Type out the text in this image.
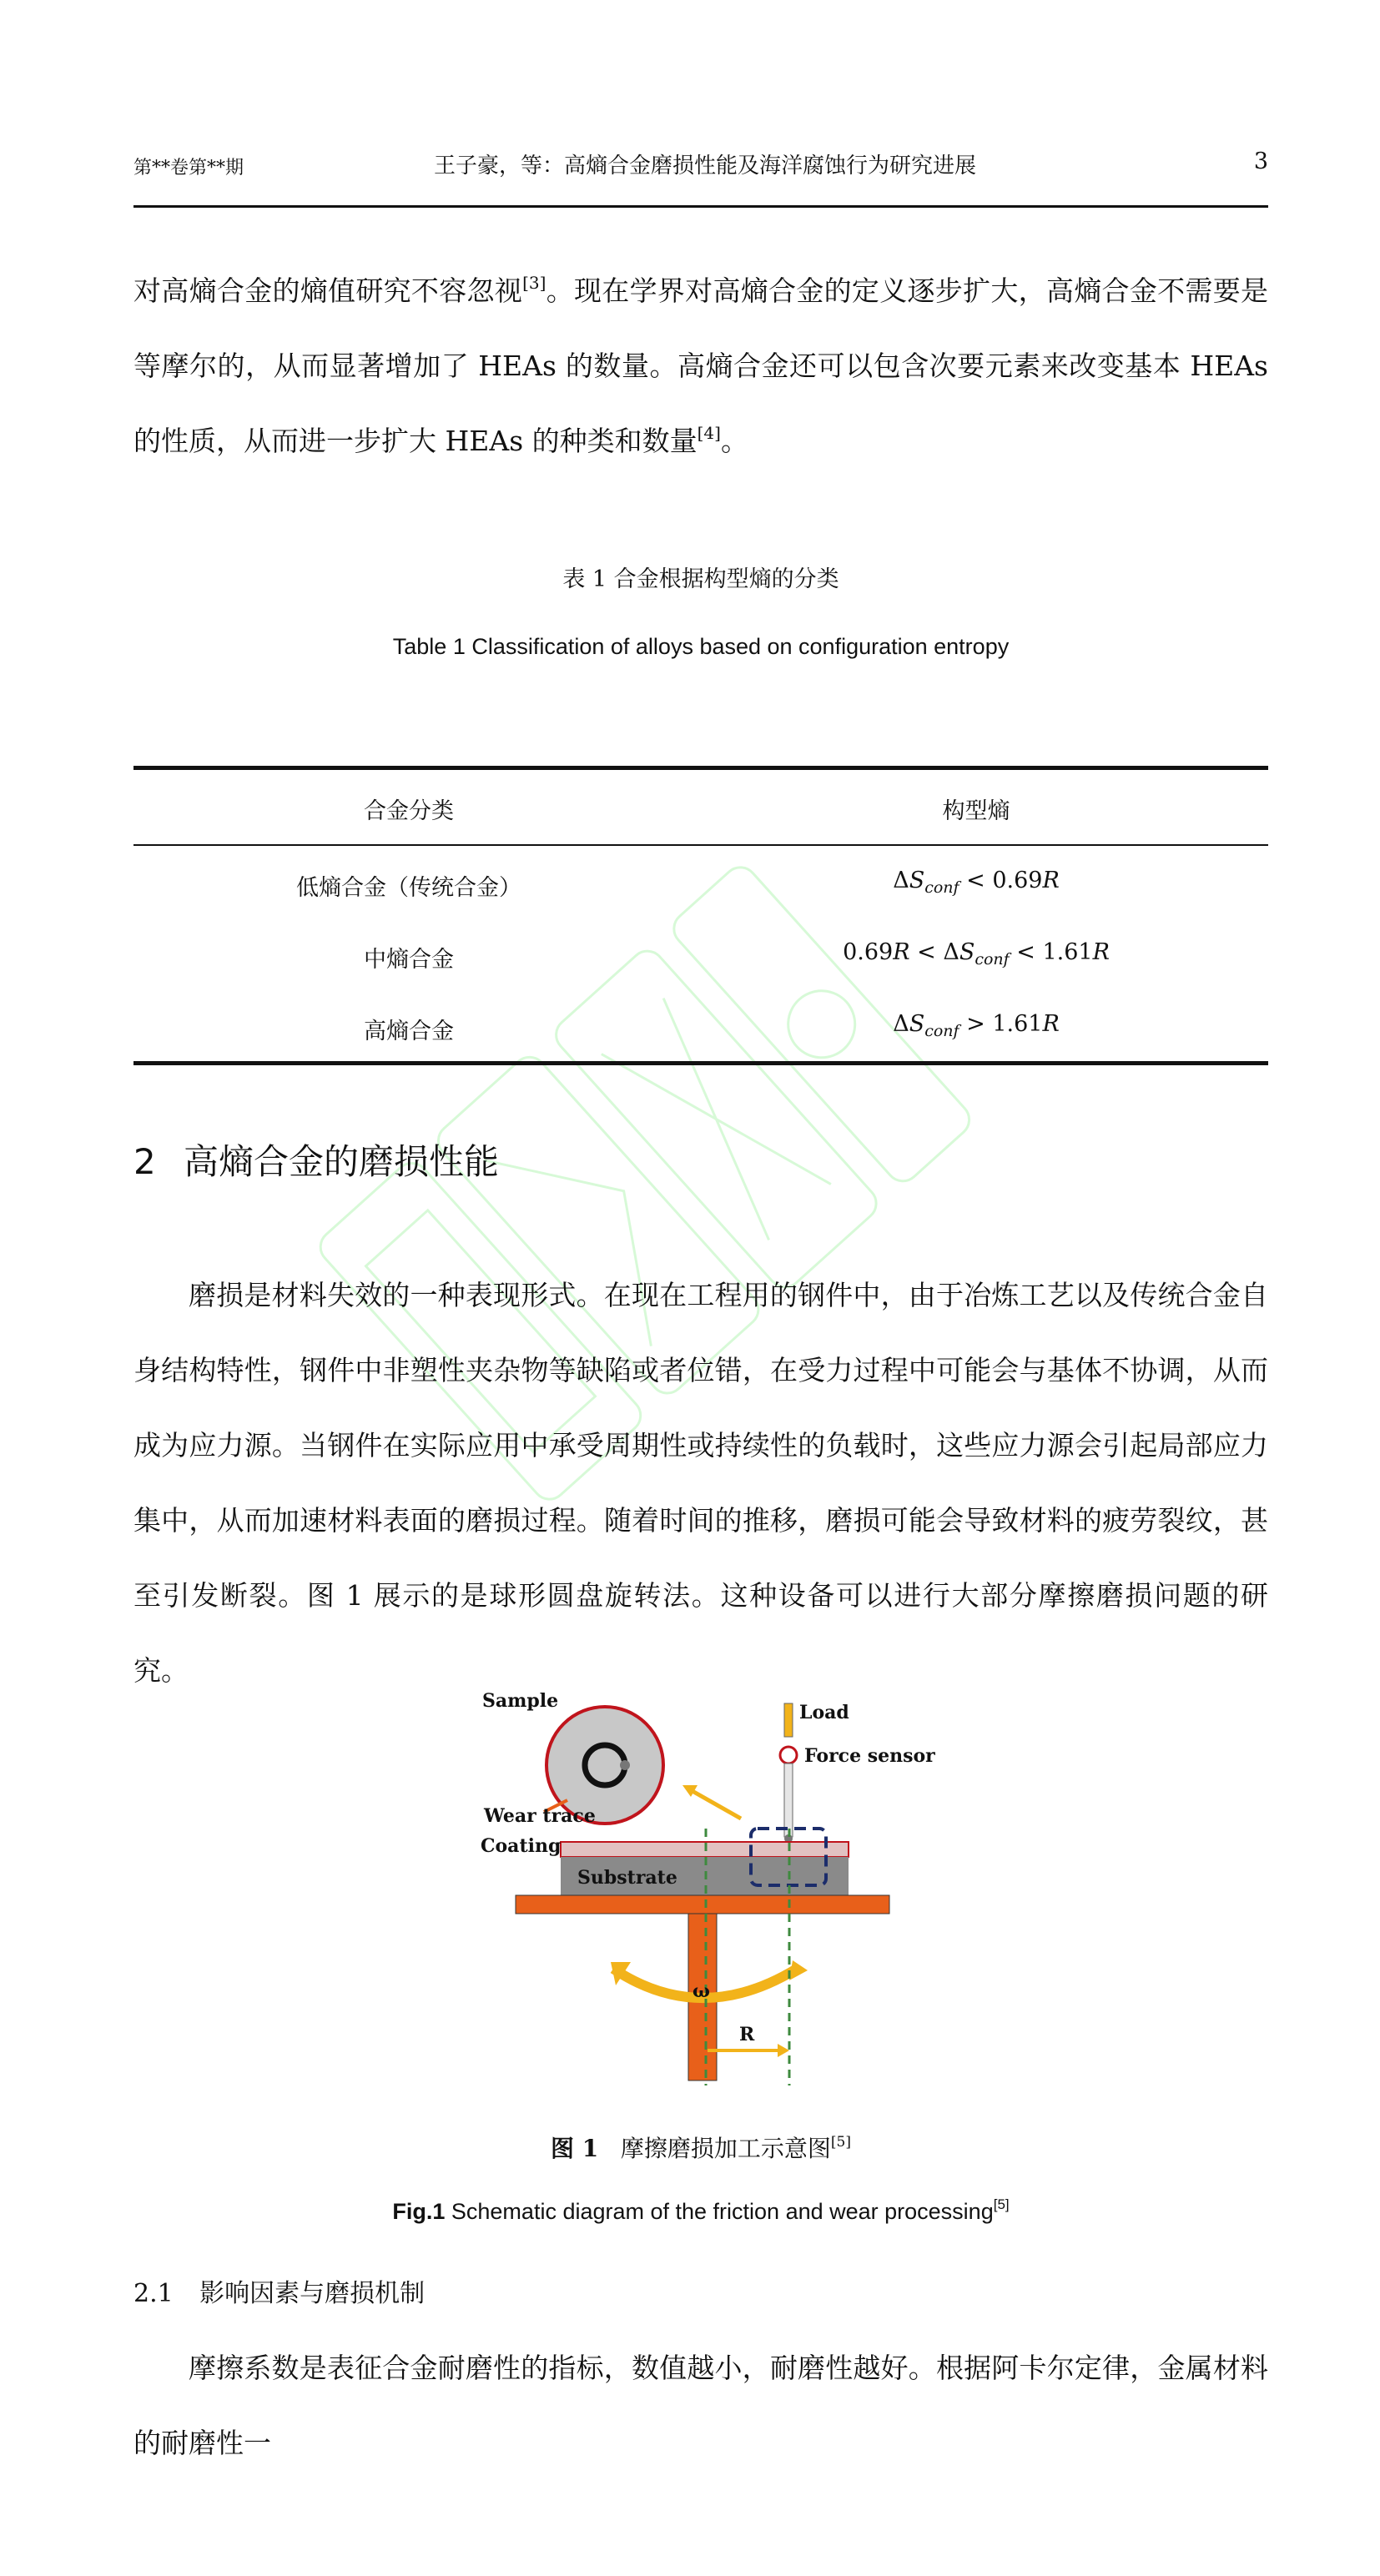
第**卷第**期	王子豪，等：高熵合金磨损性能及海洋腐蚀行为研究进展	3
对高熵合金的熵值研究不容忽视[3]。现在学界对高熵合金的定义逐步扩大，高熵合金不需要是等摩尔的，从而显著增加了 HEAs 的数量。高熵合金还可以包含次要元素来改变基本 HEAs 的性质，从而进一步扩大 HEAs 的种类和数量[4]。
表 1 合金根据构型熵的分类
Table 1 Classification of alloys based on configuration entropy
合金分类	构型熵
低熵合金（传统合金）	$\Delta S_{conf} < 0.69R$
中熵合金	$0.69R < \Delta S_{conf} < 1.61R$
高熵合金	$\Delta S_{conf} > 1.61R$
2 高熵合金的磨损性能
磨损是材料失效的一种表现形式。在现在工程用的钢件中，由于冶炼工艺以及传统合金自身结构特性，钢件中非塑性夹杂物等缺陷或者位错，在受力过程中可能会与基体不协调，从而成为应力源。当钢件在实际应用中承受周期性或持续性的负载时，这些应力源会引起局部应力集中，从而加速材料表面的磨损过程。随着时间的推移，磨损可能会导致材料的疲劳裂纹，甚至引发断裂。图 1 展示的是球形圆盘旋转法。这种设备可以进行大部分摩擦磨损问题的研究。
Sample
Wear trace
Coating
Substrate
Load
Force sensor
ω
R
图 1 摩擦磨损加工示意图[5]
Fig.1 Schematic diagram of the friction and wear processing[5]
2.1 影响因素与磨损机制
摩擦系数是表征合金耐磨性的指标，数值越小，耐磨性越好。根据阿卡尔定律，金属材料的耐磨性一
